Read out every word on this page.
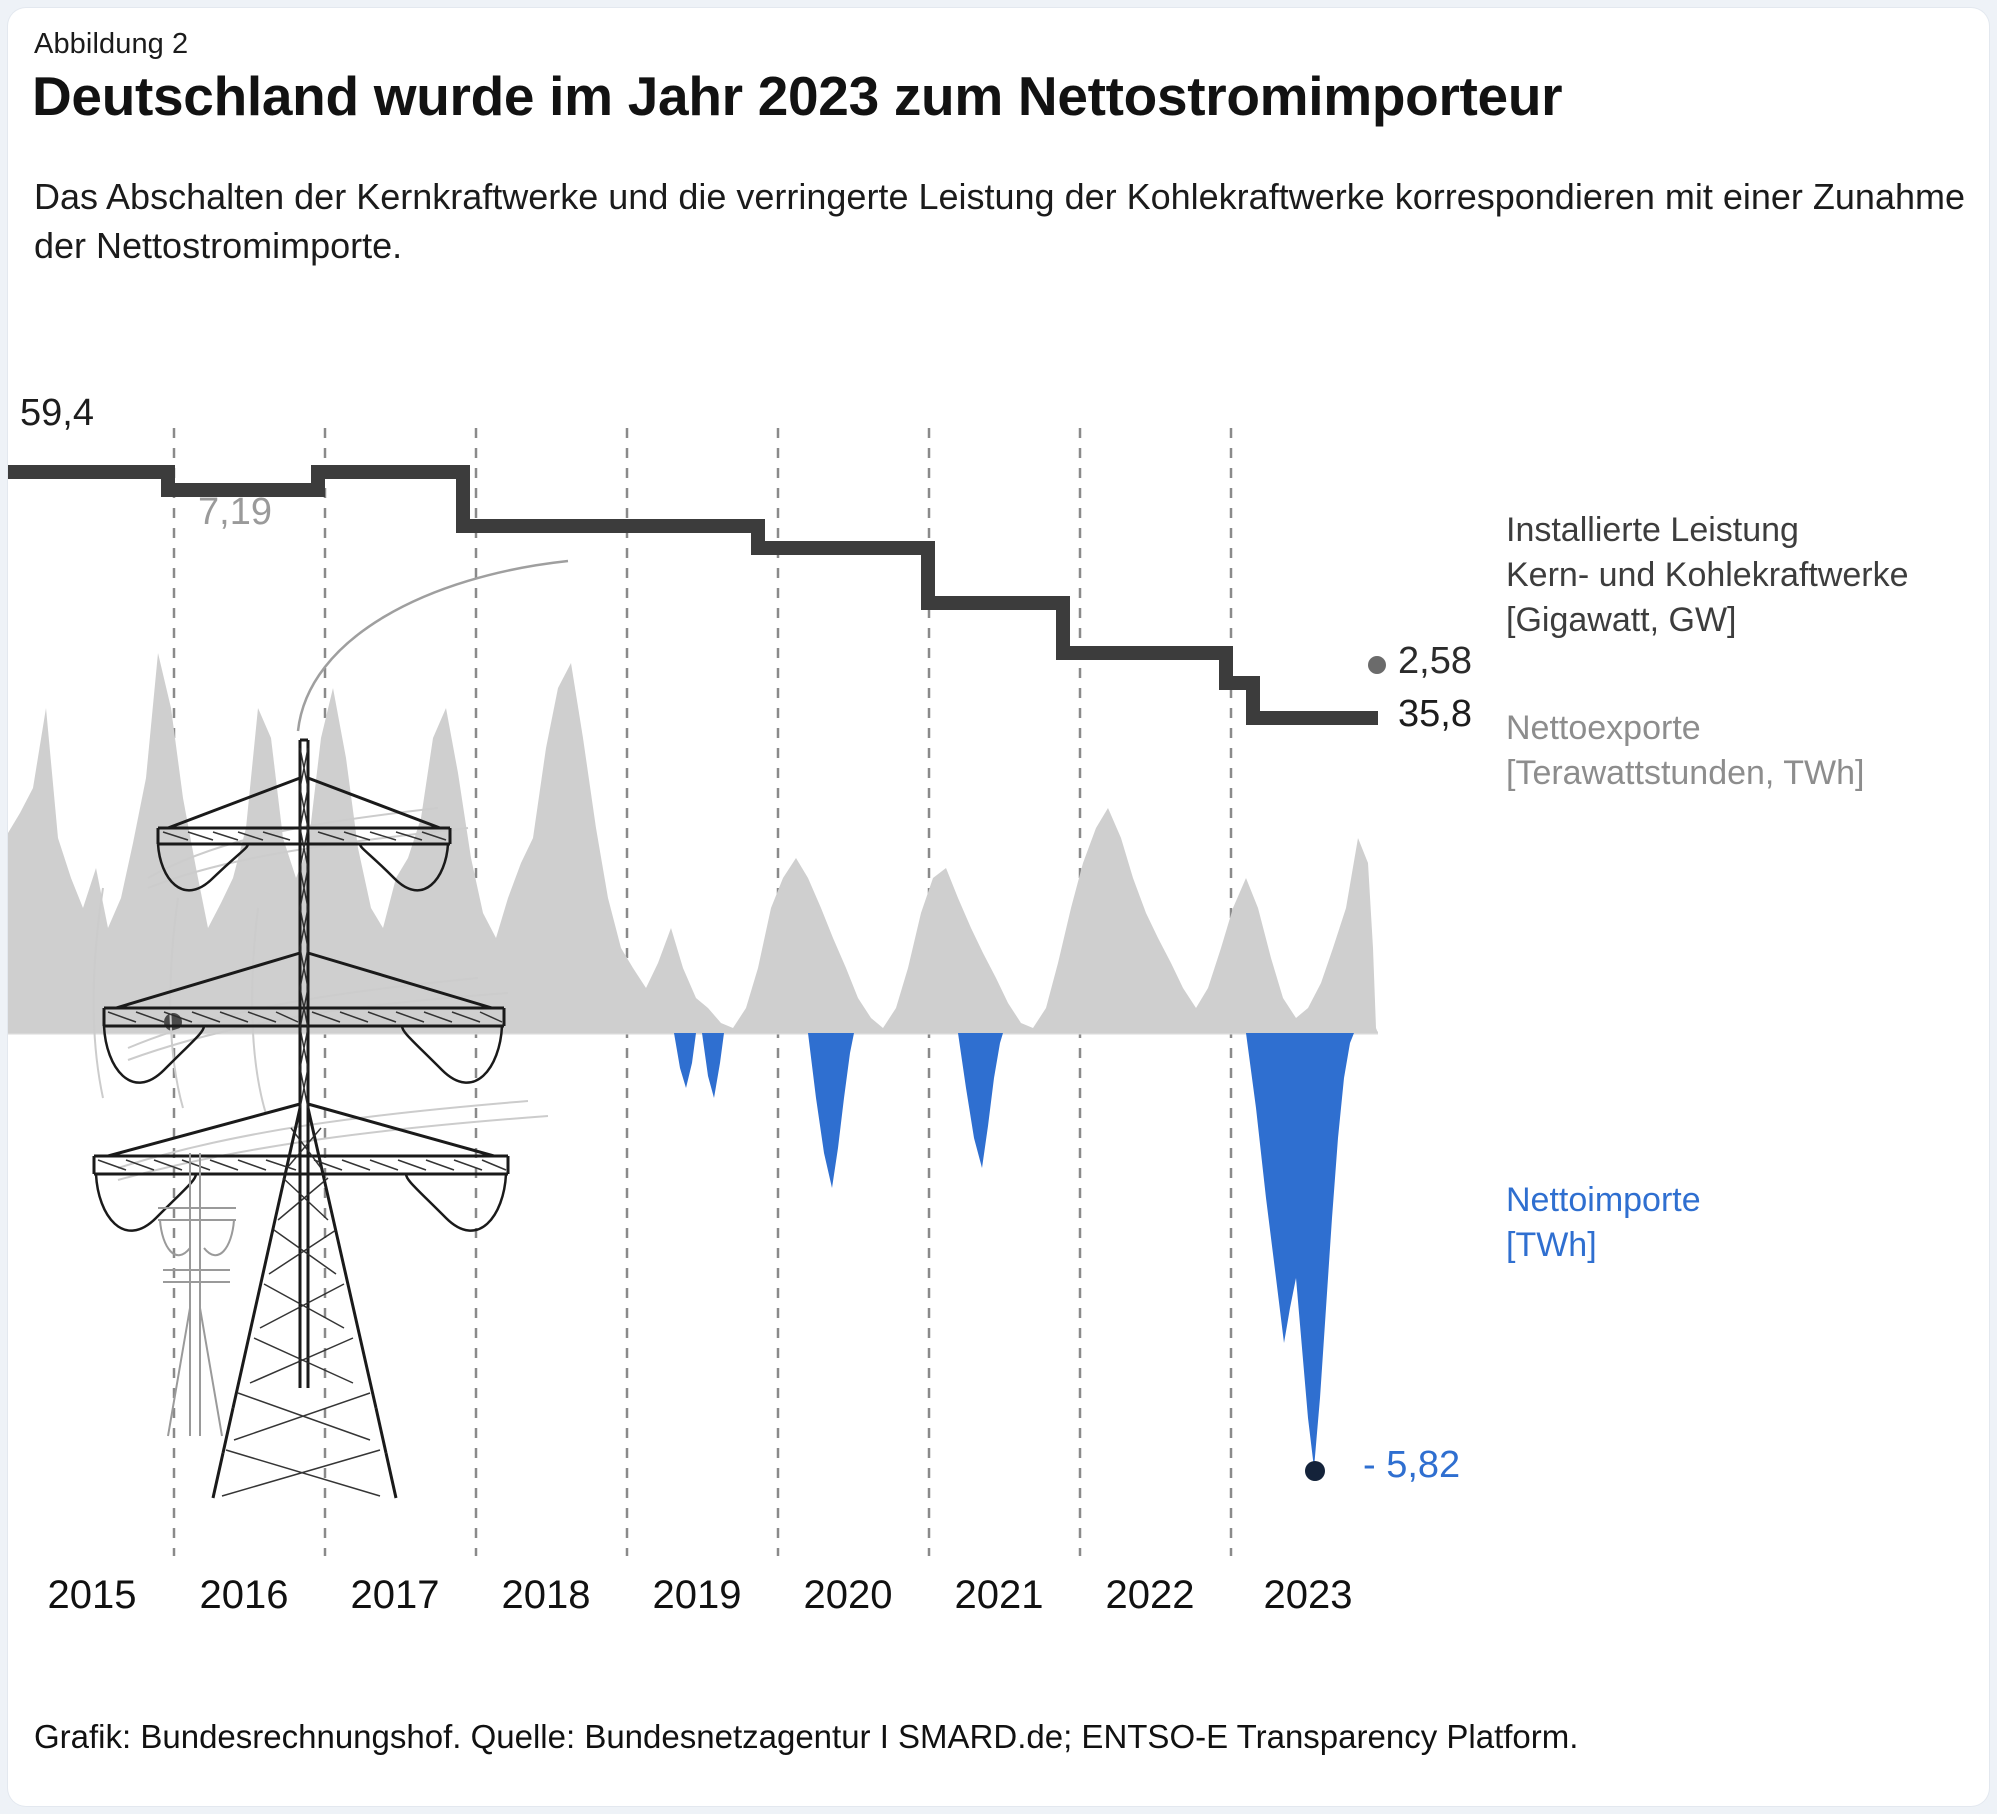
Abbildung 2
Deutschland wurde im Jahr 2023 zum Nettostromimporteur
Das Abschalten der Kernkraftwerke und die verringerte Leistung der Kohlekraftwerke korrespondieren mit einer Zunahme der Nettostromimporte.
59,4
7,19
35,8
2,58
- 5,82
Installierte Leistung
Kern- und Kohlekraftwerke
[Gigawatt, GW]
Nettoexporte
[Terawattstunden, TWh]
Nettoimporte
[TWh]
2015 2016 2017 2018 2019 2020 2021 2022 2023
Grafik: Bundesrechnungshof. Quelle: Bundesnetzagentur I SMARD.de; ENTSO-E Transparency Platform.
